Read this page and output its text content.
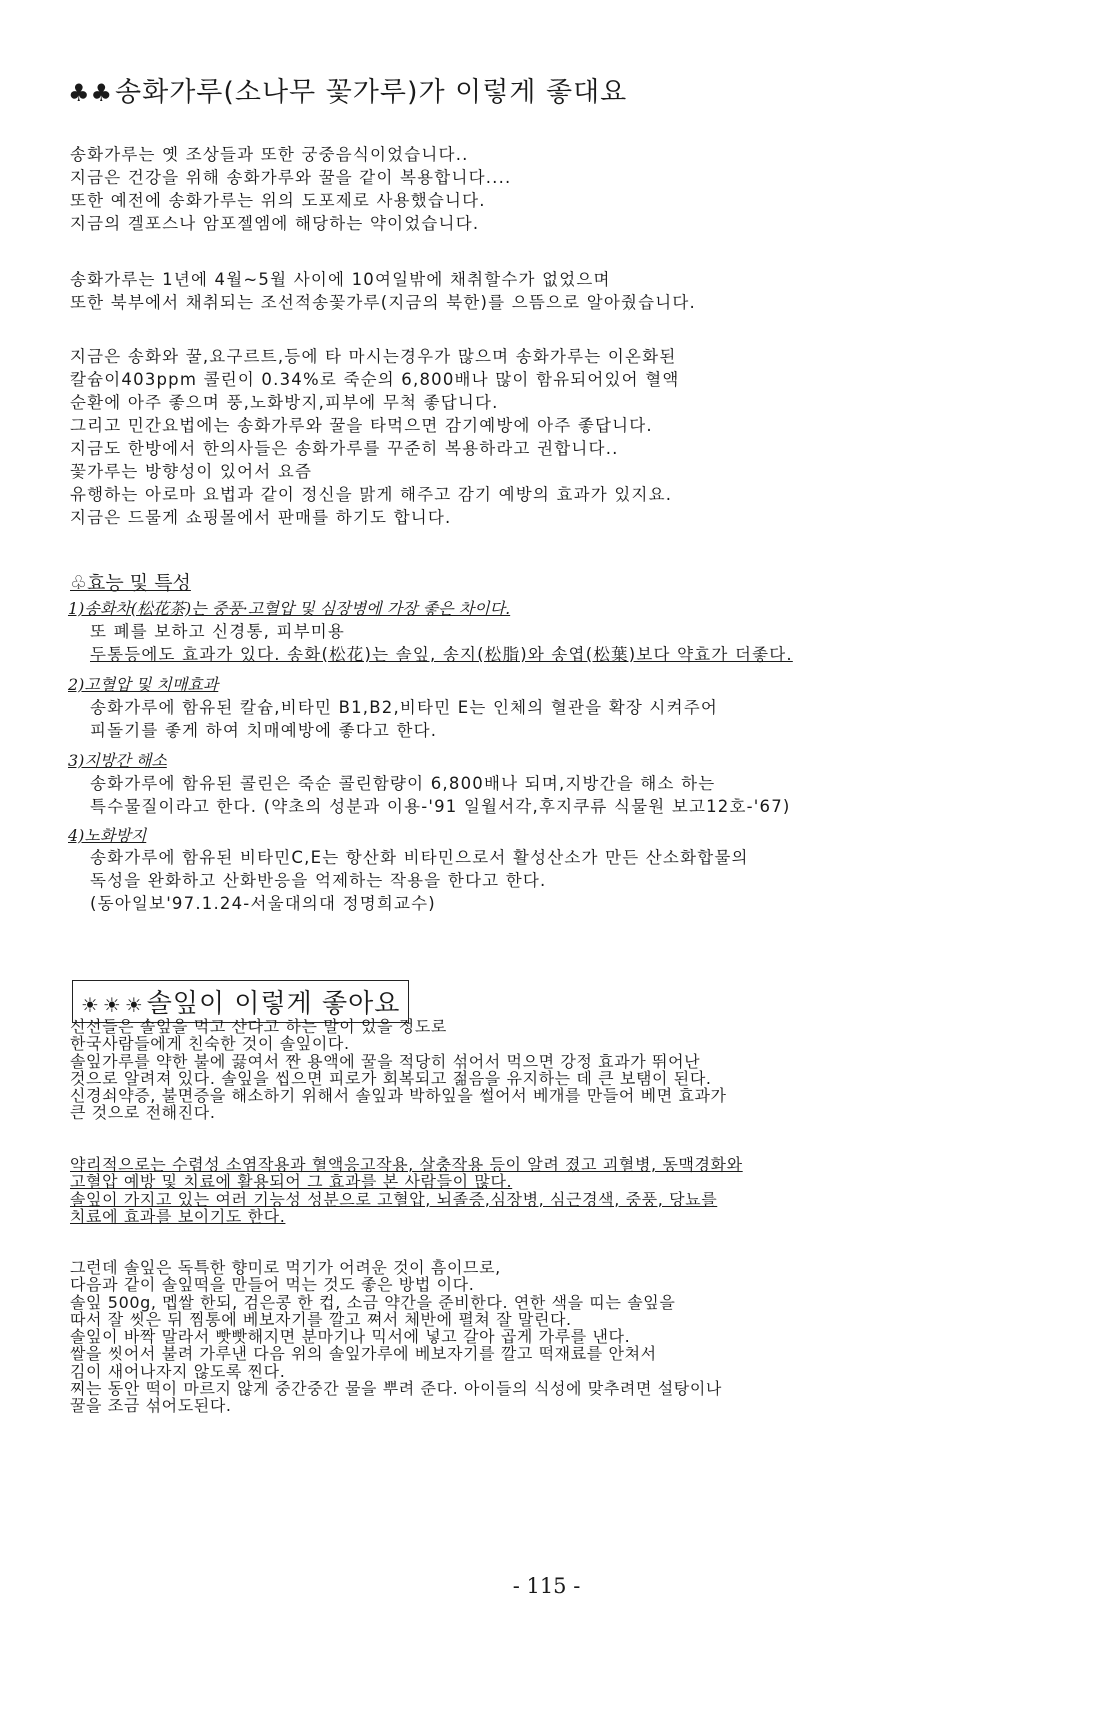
♣♣송화가루(소나무 꽃가루)가 이렇게 좋대요
송화가루는 옛 조상들과 또한 궁중음식이었습니다..
지금은 건강을 위해 송화가루와 꿀을 같이 복용합니다....
또한 예전에 송화가루는 위의 도포제로 사용했습니다.
지금의 겔포스나 암포젤엠에 해당하는 약이었습니다.
송화가루는 1년에 4월~5월 사이에 10여일밖에 채취할수가 없었으며
또한 북부에서 채취되는 조선적송꽃가루(지금의 북한)를 으뜸으로 알아줬습니다.
지금은 송화와 꿀,요구르트,등에 타 마시는경우가 많으며 송화가루는 이온화된
칼슘이403ppm 콜린이 0.34%로 죽순의 6,800배나 많이 함유되어있어 혈액
순환에 아주 좋으며 풍,노화방지,피부에 무척 좋답니다.
그리고 민간요법에는 송화가루와 꿀을 타먹으면 감기예방에 아주 좋답니다.
지금도 한방에서 한의사들은 송화가루를 꾸준히 복용하라고 권합니다..
꽃가루는 방향성이 있어서 요즘
유행하는 아로마 요법과 같이 정신을 맑게 해주고 감기 예방의 효과가 있지요.
지금은 드물게 쇼핑몰에서 판매를 하기도 합니다.
♧효능 및 특성
1)송화차(松花茶)는 중풍·고혈압 및 심장병에 가장 좋은 차이다.
또 폐를 보하고 신경통, 피부미용
두통등에도 효과가 있다. 송화(松花)는 솔잎, 송지(松脂)와 송엽(松葉)보다 약효가 더좋다.
2)고혈압 및 치매효과
송화가루에 함유된 칼슘,비타민 B1,B2,비타민 E는 인체의 혈관을 확장 시켜주어
피돌기를 좋게 하여 치매예방에 좋다고 한다.
3)지방간 해소
송화가루에 함유된 콜린은 죽순 콜린함량이 6,800배나 되며,지방간을 해소 하는
특수물질이라고 한다. (약초의 성분과 이용-'91 일월서각,후지쿠류 식물원 보고12호-'67)
4)노화방지
송화가루에 함유된 비타민C,E는 항산화 비타민으로서 활성산소가 만든 산소화합물의
독성을 완화하고 산화반응을 억제하는 작용을 한다고 한다.
(동아일보'97.1.24-서울대의대 정명희교수)
☀☀☀솔잎이 이렇게 좋아요
신선들은 솔잎을 먹고 산다고 하는 말이 있을 정도로
한국사람들에게 친숙한 것이 솔잎이다.
솔잎가루를 약한 불에 끓여서 짠 용액에 꿀을 적당히 섞어서 먹으면 강정 효과가 뛰어난
것으로 알려져 있다. 솔잎을 씹으면 피로가 회복되고 젊음을 유지하는 데 큰 보탬이 된다.
신경쇠약증, 불면증을 해소하기 위해서 솔잎과 박하잎을 썰어서 베개를 만들어 베면 효과가
큰 것으로 전해진다.
약리적으로는 수렴성 소염작용과 혈액응고작용, 살충작용 등이 알려 졌고 괴혈병, 동맥경화와
고혈압 예방 및 치료에 활용되어 그 효과를 본 사람들이 많다.
솔잎이 가지고 있는 여러 기능성 성분으로 고혈압, 뇌졸증,심장병, 심근경색, 중풍, 당뇨를
치료에 효과를 보이기도 한다.
그런데 솔잎은 독특한 향미로 먹기가 어려운 것이 흠이므로,
다음과 같이 솔잎떡을 만들어 먹는 것도 좋은 방법 이다.
솔잎 500g, 멥쌀 한되, 검은콩 한 컵, 소금 약간을 준비한다. 연한 색을 띠는 솔잎을
따서 잘 씻은 뒤 찜통에 베보자기를 깔고 쪄서 체반에 펼쳐 잘 말린다.
솔잎이 바짝 말라서 빳빳해지면 분마기나 믹서에 넣고 갈아 곱게 가루를 낸다.
쌀을 씻어서 불려 가루낸 다음 위의 솔잎가루에 베보자기를 깔고 떡재료를 안쳐서
김이 새어나자지 않도록 찐다.
찌는 동안 떡이 마르지 않게 중간중간 물을 뿌려 준다. 아이들의 식성에 맞추려면 설탕이나
꿀을 조금 섞어도된다.
- 115 -
